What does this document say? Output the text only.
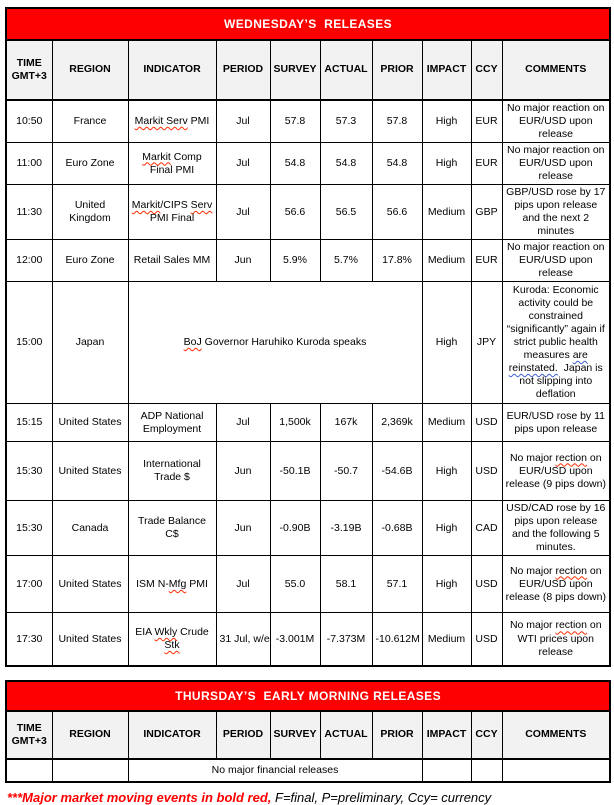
WEDNESDAY’S  RELEASES									
TIME
GMT+3	REGION	INDICATOR	PERIOD	SURVEY	ACTUAL	PRIOR	IMPACT	CCY	COMMENTS
10:50	France	Markit Serv PMI	Jul	57.8	57.3	57.8	High	EUR	No major reaction on EUR/USD upon release
11:00	Euro Zone	Markit Comp Final PMI	Jul	54.8	54.8	54.8	High	EUR	No major reaction on EUR/USD upon release
11:30	United Kingdom	Markit/CIPS Serv PMI Final	Jul	56.6	56.5	56.6	Medium	GBP	GBP/USD rose by 17 pips upon release and the next 2 minutes
12:00	Euro Zone	Retail Sales MM	Jun	5.9%	5.7%	17.8%	Medium	EUR	No major reaction on EUR/USD upon release
15:00	Japan	BoJ Governor Haruhiko Kuroda speaks					High	JPY	Kuroda: Economic activity could be constrained “significantly” again if strict public health measures are reinstated.  Japan is not slipping into deflation
15:15	United States	ADP National Employment	Jul	1,500k	167k	2,369k	Medium	USD	EUR/USD rose by 11 pips upon release
15:30	United States	International Trade $	Jun	-50.1B	-50.7	-54.6B	High	USD	No major rection on EUR/USD upon release (9 pips down)
15:30	Canada	Trade Balance C$	Jun	-0.90B	-3.19B	-0.68B	High	CAD	USD/CAD rose by 16 pips upon release and the following 5 minutes.
17:00	United States	ISM N-Mfg PMI	Jul	55.0	58.1	57.1	High	USD	No major rection on EUR/USD upon release (8 pips down)
17:30	United States	EIA Wkly Crude Stk	31 Jul, w/e	-3.001M	-7.373M	-10.612M	Medium	USD	No major rection on WTI prices upon release
THURSDAY’S  EARLY MORNING RELEASES									
TIME
GMT+3	REGION	INDICATOR	PERIOD	SURVEY	ACTUAL	PRIOR	IMPACT	CCY	COMMENTS
		No major financial releases							
***Major market moving events in bold red, F=final, P=preliminary, Ccy= currency
